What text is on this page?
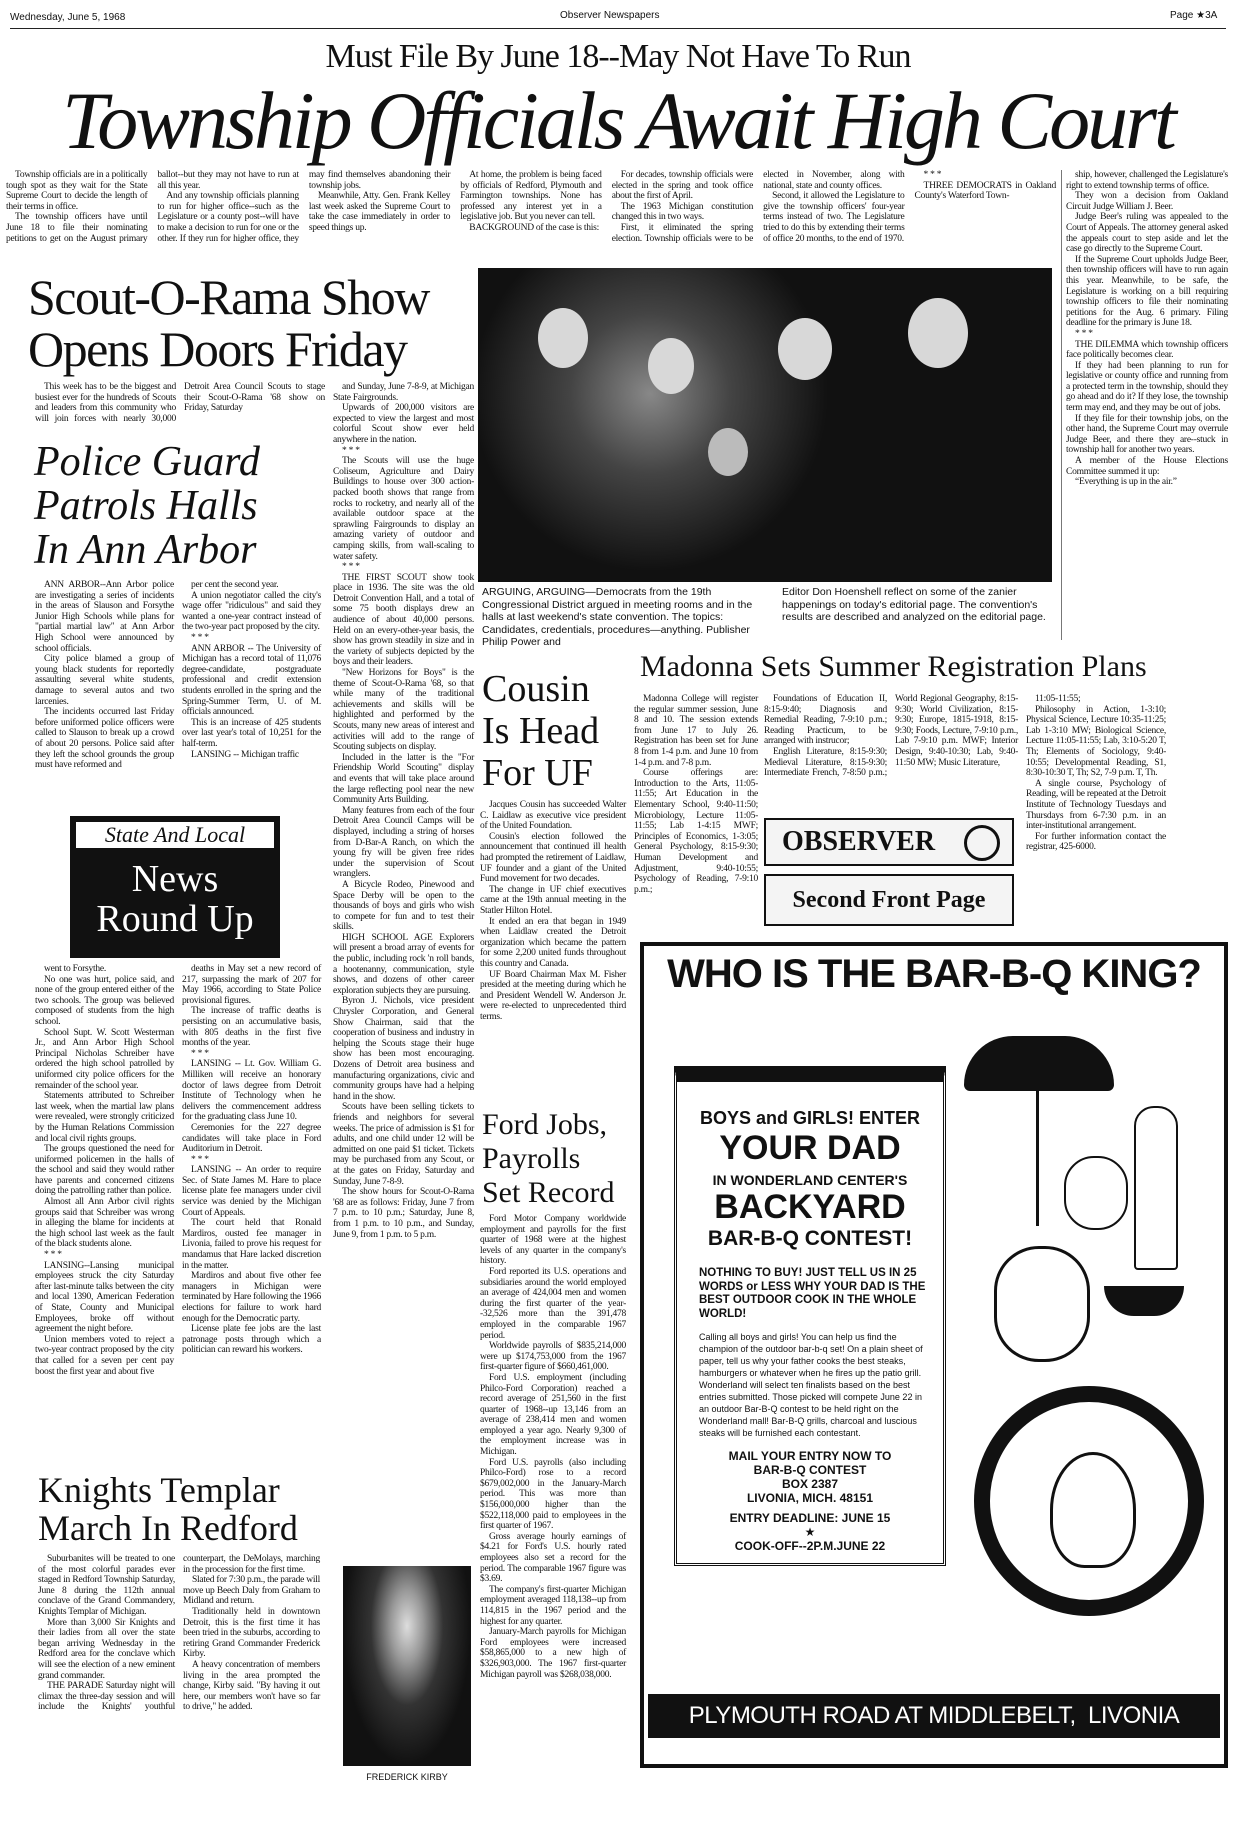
Wednesday, June 5, 1968	Observer Newspapers	Page ★3A
Must File By June 18--May Not Have To Run
Township Officials Await High Court

Township officials are in a politically tough spot as they wait for the State Supreme Court to decide the length of their terms in office.

The township officers have until June 18 to file their nominating petitions to get on the August primary ballot--but they may not have to run at all this year.

And any township officials planning to run for higher office--such as the Legislature or a county post--will have to make a decision to run for one or the other. If they run for higher office, they may find themselves abandoning their township jobs.

Meanwhile, Atty. Gen. Frank Kelley last week asked the Supreme Court to take the case immediately in order to speed things up.

At home, the problem is being faced by officials of Redford, Plymouth and Farmington townships. None has professed any interest yet in a legislative job. But you never can tell.

BACKGROUND of the case is this:

For decades, township officials were elected in the spring and took office about the first of April.

The 1963 Michigan constitution changed this in two ways.

First, it eliminated the spring election. Township officials were to be elected in November, along with national, state and county offices.

Second, it allowed the Legislature to give the township officers' four-year terms instead of two. The Legislature tried to do this by extending their terms of office 20 months, to the end of 1970.

* * *

THREE DEMOCRATS in Oakland County's Waterford Town-

ship, however, challenged the Legislature's right to extend township terms of office.

They won a decision from Oakland Circuit Judge William J. Beer.

Judge Beer's ruling was appealed to the Court of Appeals. The attorney general asked the appeals court to step aside and let the case go directly to the Supreme Court.

If the Supreme Court upholds Judge Beer, then township officers will have to run again this year. Meanwhile, to be safe, the Legislature is working on a bill requiring township officers to file their nominating petitions for the Aug. 6 primary. Filing deadline for the primary is June 18.

* * *

THE DILEMMA which township officers face politically becomes clear.

If they had been planning to run for legislative or county office and running from a protected term in the township, should they go ahead and do it? If they lose, the township term may end, and they may be out of jobs.

If they file for their township jobs, on the other hand, the Supreme Court may overrule Judge Beer, and there they are--stuck in township hall for another two years.

A member of the House Elections Committee summed it up:

“Everything is up in the air.”

Scout-O-Rama Show
Opens Doors Friday

This week has to be the biggest and busiest ever for the hundreds of Scouts and leaders from this community who will join forces with nearly 30,000 Detroit Area Council Scouts to stage their Scout-O-Rama '68 show on Friday, Saturday

and Sunday, June 7-8-9, at Michigan State Fairgrounds.

Upwards of 200,000 visitors are expected to view the largest and most colorful Scout show ever held anywhere in the nation.

* * *

The Scouts will use the huge Coliseum, Agriculture and Dairy Buildings to house over 300 action-packed booth shows that range from rocks to rocketry, and nearly all of the available outdoor space at the sprawling Fairgrounds to display an amazing variety of outdoor and camping skills, from wall-scaling to water safety.

* * *

THE FIRST SCOUT show took place in 1936. The site was the old Detroit Convention Hall, and a total of some 75 booth displays drew an audience of about 40,000 persons. Held on an every-other-year basis, the show has grown steadily in size and in the variety of subjects depicted by the boys and their leaders.

"New Horizons for Boys" is the theme of Scout-O-Rama '68, so that while many of the traditional achievements and skills will be highlighted and performed by the Scouts, many new areas of interest and activities will add to the range of Scouting subjects on display.

Included in the latter is the "For Friendship World Scouting" display and events that will take place around the large reflecting pool near the new Community Arts Building.

Many features from each of the four Detroit Area Council Camps will be displayed, including a string of horses from D-Bar-A Ranch, on which the young fry will be given free rides under the supervision of Scout wranglers.

A Bicycle Rodeo, Pinewood and Space Derby will be open to the thousands of boys and girls who wish to compete for fun and to test their skills.

HIGH SCHOOL AGE Explorers will present a broad array of events for the public, including rock 'n roll bands, a hootenanny, communication, style shows, and dozens of other career exploration subjects they are pursuing.

Byron J. Nichols, vice president Chrysler Corporation, and General Show Chairman, said that the cooperation of business and industry in helping the Scouts stage their huge show has been most encouraging. Dozens of Detroit area business and manufacturing organizations, civic and community groups have had a helping hand in the show.

Scouts have been selling tickets to friends and neighbors for several weeks. The price of admission is $1 for adults, and one child under 12 will be admitted on one paid $1 ticket. Tickets may be purchased from any Scout, or at the gates on Friday, Saturday and Sunday, June 7-8-9.

The show hours for Scout-O-Rama '68 are as follows: Friday, June 7 from 7 p.m. to 10 p.m.; Saturday, June 8, from 1 p.m. to 10 p.m., and Sunday, June 9, from 1 p.m. to 5 p.m.

ARGUING, ARGUING—Democrats from the 19th Congressional District argued in meeting rooms and in the halls at last weekend's state convention. The topics: Candidates, credentials, procedures—anything. Publisher Philip Power and
Editor Don Hoenshell reflect on some of the zanier happenings on today's editorial page. The convention's results are described and analyzed on the editorial page.
Police Guard
Patrols Halls
In Ann Arbor

ANN ARBOR--Ann Arbor police are investigating a series of incidents in the areas of Slauson and Forsythe Junior High Schools while plans for "partial martial law" at Ann Arbor High School were announced by school officials.

City police blamed a group of young black students for reportedly assaulting several white students, damage to several autos and two larcenies.

The incidents occurred last Friday before uniformed police officers were called to Slauson to break up a crowd of about 20 persons. Police said after they left the school grounds the group must have reformed and

per cent the second year.

A union negotiator called the city's wage offer "ridiculous" and said they wanted a one-year contract instead of the two-year pact proposed by the city.

* * *

ANN ARBOR -- The University of Michigan has a record total of 11,076 degree-candidate, postgraduate professional and credit extension students enrolled in the spring and the Spring-Summer Term, U. of M. officials announced.

This is an increase of 425 students over last year's total of 10,251 for the half-term.

LANSING -- Michigan traffic

State And Local
News
Round Up

went to Forsythe.

No one was hurt, police said, and none of the group entered either of the two schools. The group was believed composed of students from the high school.

School Supt. W. Scott Westerman Jr., and Ann Arbor High School Principal Nicholas Schreiber have ordered the high school patrolled by uniformed city police officers for the remainder of the school year.

Statements attributed to Schreiber last week, when the martial law plans were revealed, were strongly criticized by the Human Relations Commission and local civil rights groups.

The groups questioned the need for uniformed policemen in the halls of the school and said they would rather have parents and concerned citizens doing the patrolling rather than police.

Almost all Ann Arbor civil rights groups said that Schreiber was wrong in alleging the blame for incidents at the high school last week as the fault of the black students alone.

* * *

LANSING--Lansing municipal employees struck the city Saturday after last-minute talks between the city and local 1390, American Federation of State, County and Municipal Employees, broke off without agreement the night before.

Union members voted to reject a two-year contract proposed by the city that called for a seven per cent pay boost the first year and about five

deaths in May set a new record of 217, surpassing the mark of 207 for May 1966, according to State Police provisional figures.

The increase of traffic deaths is persisting on an accumulative basis, with 805 deaths in the first five months of the year.

* * *

LANSING -- Lt. Gov. William G. Milliken will receive an honorary doctor of laws degree from Detroit Institute of Technology when he delivers the commencement address for the graduating class June 10.

Ceremonies for the 227 degree candidates will take place in Ford Auditorium in Detroit.

* * *

LANSING -- An order to require Sec. of State James M. Hare to place license plate fee managers under civil service was denied by the Michigan Court of Appeals.

The court held that Ronald Mardiros, ousted fee manager in Livonia, failed to prove his request for mandamus that Hare lacked discretion in the matter.

Mardiros and about five other fee managers in Michigan were terminated by Hare following the 1966 elections for failure to work hard enough for the Democratic party.

License plate fee jobs are the last patronage posts through which a politician can reward his workers.

Knights Templar
March In Redford

Suburbanites will be treated to one of the most colorful parades ever staged in Redford Township Saturday, June 8 during the 112th annual conclave of the Grand Commandery, Knights Templar of Michigan.

More than 3,000 Sir Knights and their ladies from all over the state began arriving Wednesday in the Redford area for the conclave which will see the election of a new eminent grand commander.

THE PARADE Saturday night will climax the three-day session and will include the Knights' youthful counterpart, the DeMolays, marching in the procession for the first time.

Slated for 7:30 p.m., the parade will move up Beech Daly from Graham to Midland and return.

Traditionally held in downtown Detroit, this is the first time it has been tried in the suburbs, according to retiring Grand Commander Frederick Kirby.

A heavy concentration of members living in the area prompted the change, Kirby said. "By having it out here, our members won't have so far to drive," he added.

FREDERICK KIRBY
Cousin
Is Head
For UF

Jacques Cousin has succeeded Walter C. Laidlaw as executive vice president of the United Foundation.

Cousin's election followed the announcement that continued ill health had prompted the retirement of Laidlaw, UF founder and a giant of the United Fund movement for two decades.

The change in UF chief executives came at the 19th annual meeting in the Statler Hilton Hotel.

It ended an era that began in 1949 when Laidlaw created the Detroit organization which became the pattern for some 2,200 united funds throughout this country and Canada.

UF Board Chairman Max M. Fisher presided at the meeting during which he and President Wendell W. Anderson Jr. were re-elected to unprecedented third terms.

Ford Jobs,
Payrolls
Set Record

Ford Motor Company worldwide employment and payrolls for the first quarter of 1968 were at the highest levels of any quarter in the company's history.

Ford reported its U.S. operations and subsidiaries around the world employed an average of 424,004 men and women during the first quarter of the year--32,526 more than the 391,478 employed in the comparable 1967 period.

Worldwide payrolls of $835,214,000 were up $174,753,000 from the 1967 first-quarter figure of $660,461,000.

Ford U.S. employment (including Philco-Ford Corporation) reached a record average of 251,560 in the first quarter of 1968--up 13,146 from an average of 238,414 men and women employed a year ago. Nearly 9,300 of the employment increase was in Michigan.

Ford U.S. payrolls (also including Philco-Ford) rose to a record $679,002,000 in the January-March period. This was more than $156,000,000 higher than the $522,118,000 paid to employees in the first quarter of 1967.

Gross average hourly earnings of $4.21 for Ford's U.S. hourly rated employees also set a record for the period. The comparable 1967 figure was $3.69.

The company's first-quarter Michigan employment averaged 118,138--up from 114,815 in the 1967 period and the highest for any quarter.

January-March payrolls for Michigan Ford employees were increased $58,865,000 to a new high of $326,903,000. The 1967 first-quarter Michigan payroll was $268,038,000.

Madonna Sets Summer Registration Plans

Madonna College will register the regular summer session, June 8 and 10. The session extends from June 17 to July 26. Registration has been set for June 8 from 1-4 p.m. and June 10 from 1-4 p.m. and 7-8 p.m.

Course offerings are: Introduction to the Arts, 11:05-11:55; Art Education in the Elementary School, 9:40-11:50; Microbiology, Lecture 11:05-11:55; Lab 1-4:15 MWF; Principles of Economics, 1-3:05; General Psychology, 8:15-9:30; Human Development and Adjustment, 9:40-10:55; Psychology of Reading, 7-9:10 p.m.;

Foundations of Education II, 8:15-9:40; Diagnosis and Remedial Reading, 7-9:10 p.m.; Reading Practicum, to be arranged with instrucor;

English Literature, 8:15-9:30; Medieval Literature, 8:15-9:30; Intermediate French, 7-8:50 p.m.; World Regional Geography, 8:15-9:30; World Civilization, 8:15-9:30; Europe, 1815-1918, 8:15-9:30; Foods, Lecture, 7-9:10 p.m., Lab 7-9:10 p.m. MWF; Interior Design, 9:40-10:30; Lab, 9:40-11:50 MW; Music Literature,

11:05-11:55;

Philosophy in Action, 1-3:10; Physical Science, Lecture 10:35-11:25; Lab 1-3:10 MW; Biological Science, Lecture 11:05-11:55; Lab, 3:10-5:20 T, Th; Elements of Sociology, 9:40-10:55; Developmental Reading, S1, 8:30-10:30 T, Th; S2, 7-9 p.m. T, Th.

A single course, Psychology of Reading, will be repeated at the Detroit Institute of Technology Tuesdays and Thursdays from 6-7:30 p.m. in an inter-institutional arrangement.

For further information contact the registrar, 425-6000.

OBSERVER
Second Front Page
WHO IS THE BAR-B-Q KING?
BOYS and GIRLS! ENTER
YOUR DAD
IN WONDERLAND CENTER'S
BACKYARD
BAR-B-Q CONTEST!
NOTHING TO BUY! JUST TELL US IN 25 WORDS or LESS WHY YOUR DAD IS THE BEST OUTDOOR COOK IN THE WHOLE WORLD!
Calling all boys and girls! You can help us find the champion of the outdoor bar-b-q set! On a plain sheet of paper, tell us why your father cooks the best steaks, hamburgers or whatever when he fires up the patio grill. Wonderland will select ten finalists based on the best entries submitted. Those picked will compete June 22 in an outdoor Bar-B-Q contest to be held right on the Wonderland mall! Bar-B-Q grills, charcoal and luscious steaks will be furnished each contestant.
MAIL YOUR ENTRY NOW TO
BAR-B-Q CONTEST
BOX 2387
LIVONIA, MICH. 48151
ENTRY DEADLINE: JUNE 15
★
COOK-OFF--2P.M.JUNE 22
PLYMOUTH ROAD AT MIDDLEBELT,  LIVONIA
